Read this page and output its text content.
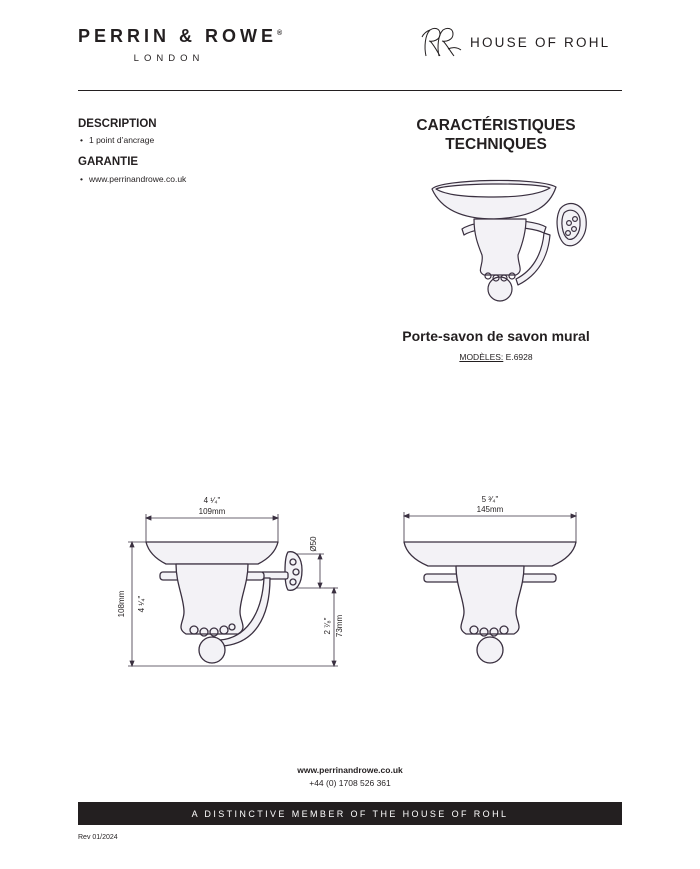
PERRIN & ROWE®
LONDON
HOUSE OF ROHL
DESCRIPTION
• 1 point d’ancrage
GARANTIE
• www.perrinandrowe.co.uk
CARACTÉRISTIQUES
TECHNIQUES
Porte-savon de savon mural
MODÈLES: E.6928
4 ¹⁄₄"
109mm
108mm 4 ¹⁄₄"
Ø50
2 ⁷⁄₈" 73mm
5 ³⁄₄"
145mm
www.perrinandrowe.co.uk
+44 (0) 1708 526 361
A DISTINCTIVE MEMBER OF THE HOUSE OF ROHL
Rev 01/2024
